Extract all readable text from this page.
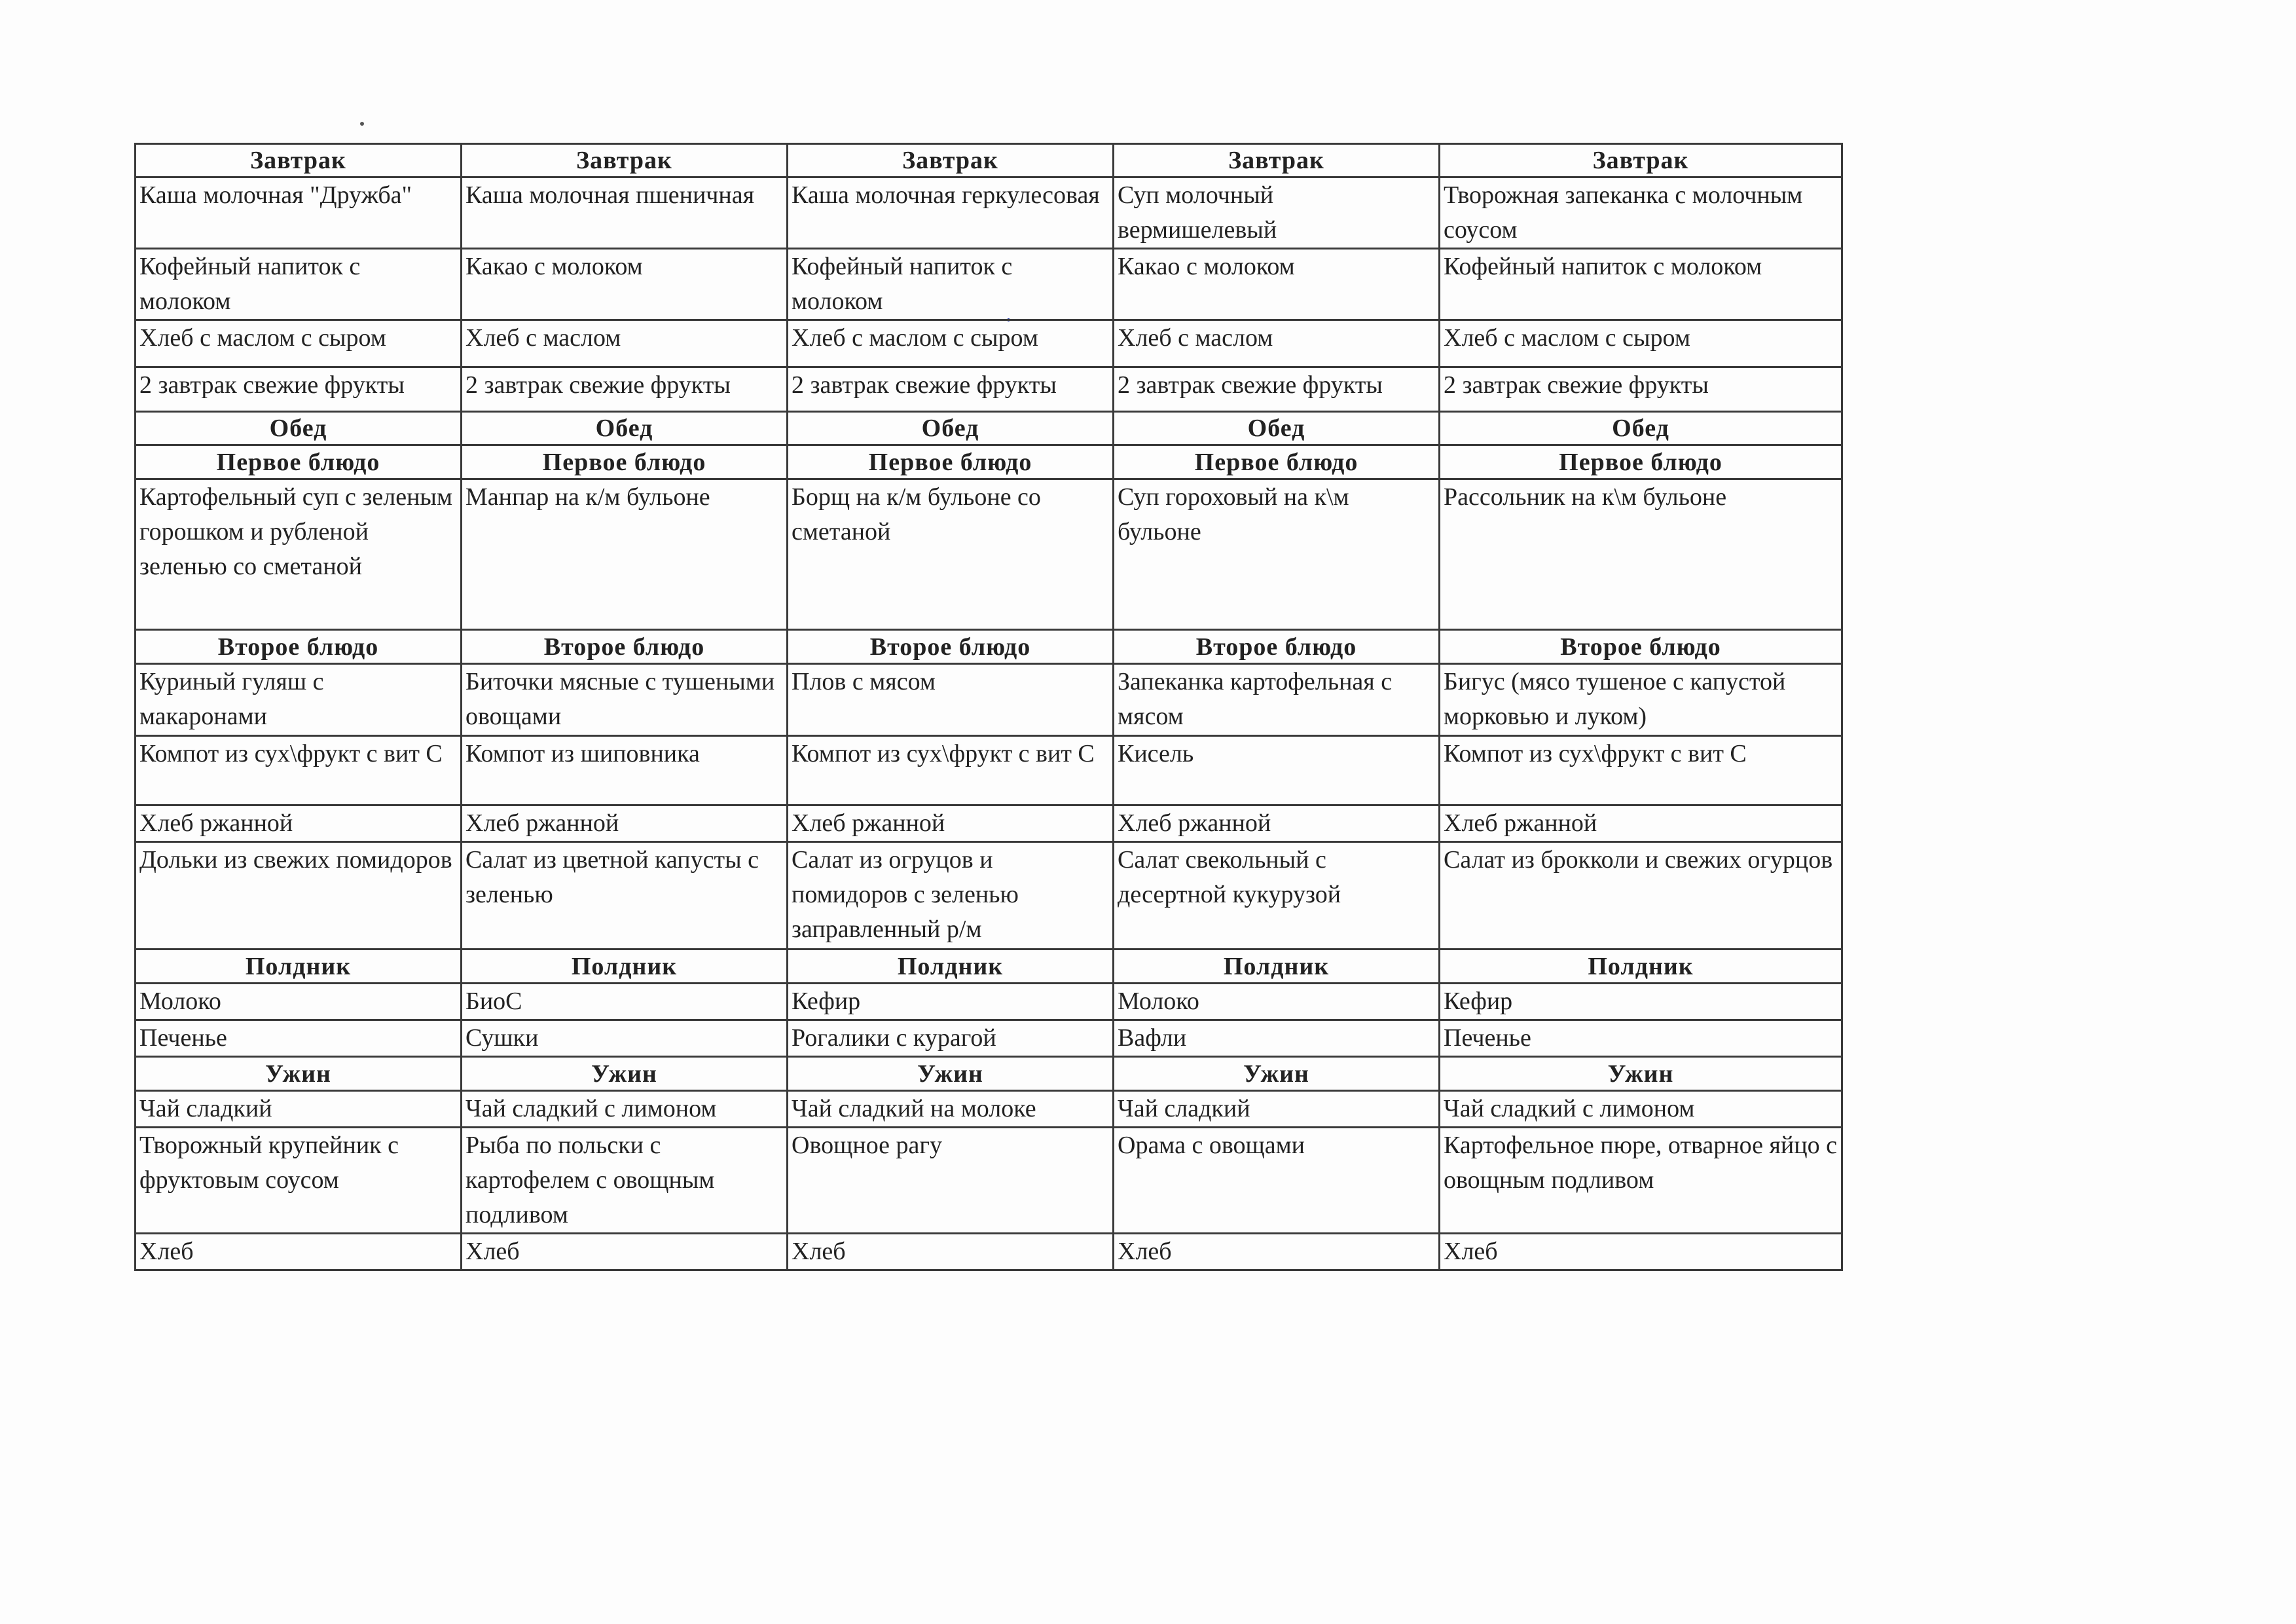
Завтрак	Завтрак	Завтрак	Завтрак	Завтрак
Каша молочная "Дружба"	Каша молочная пшеничная	Каша молочная геркулесовая	Суп молочный вермишелевый	Творожная запеканка с молочным соусом
Кофейный напиток с молоком	Какао с молоком	Кофейный напиток с молоком	Какао с молоком	Кофейный напиток с молоком
Хлеб с маслом с сыром	Хлеб с маслом	Хлеб с маслом с сыром	Хлеб с маслом	Хлеб с маслом с сыром
2 завтрак свежие фрукты	2 завтрак свежие фрукты	2 завтрак свежие фрукты	2 завтрак свежие фрукты	2 завтрак свежие фрукты
Обед	Обед	Обед	Обед	Обед
Первое блюдо	Первое блюдо	Первое блюдо	Первое блюдо	Первое блюдо
Картофельный суп с зеленым горошком и рубленой зеленью со сметаной	Манпар на к/м бульоне	Борщ на к/м бульоне со сметаной	Суп гороховый на к\м бульоне	Рассольник на к\м бульоне
Второе блюдо	Второе блюдо	Второе блюдо	Второе блюдо	Второе блюдо
Куриный гуляш с макаронами	Биточки мясные с тушеными овощами	Плов с мясом	Запеканка картофельная с мясом	Бигус (мясо тушеное с капустой морковью и луком)
Компот из сух\фрукт с вит С	Компот из шиповника	Компот из сух\фрукт с вит С	Кисель	Компот из сух\фрукт с вит С
Хлеб ржанной	Хлеб ржанной	Хлеб ржанной	Хлеб ржанной	Хлеб ржанной
Дольки из свежих помидоров	Салат из цветной капусты с зеленью	Салат из огруцов и помидоров с зеленью заправленный р/м	Салат свекольный с десертной кукурузой	Салат из брокколи и свежих огурцов
Полдник	Полдник	Полдник	Полдник	Полдник
Молоко	БиоС	Кефир	Молоко	Кефир
Печенье	Сушки	Рогалики с курагой	Вафли	Печенье
Ужин	Ужин	Ужин	Ужин	Ужин
Чай сладкий	Чай сладкий с лимоном	Чай сладкий на молоке	Чай сладкий	Чай сладкий с лимоном
Творожный крупейник с фруктовым соусом	Рыба по польски с картофелем с овощным подливом	Овощное рагу	Орама с овощами	Картофельное пюре, отварное яйцо с овощным подливом
Хлеб	Хлеб	Хлеб	Хлеб	Хлеб
